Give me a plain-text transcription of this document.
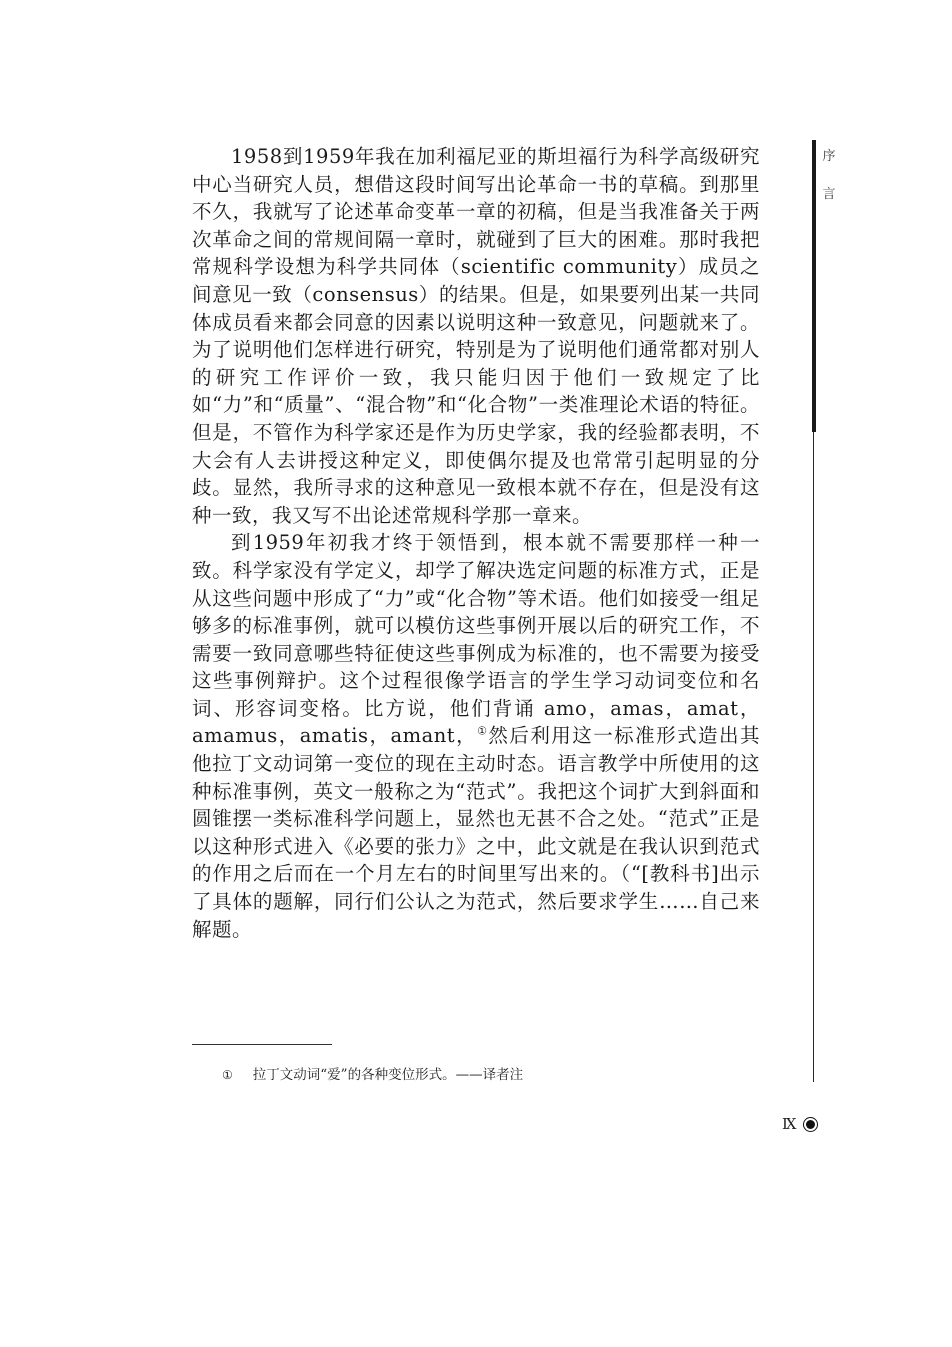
序
言

1958到1959年我在加利福尼亚的斯坦福行为科学高级研究中心当研究人员，想借这段时间写出论革命一书的草稿。到那里不久，我就写了论述革命变革一章的初稿，但是当我准备关于两次革命之间的常规间隔一章时，就碰到了巨大的困难。那时我把常规科学设想为科学共同体（scientific community）成员之间意见一致（consensus）的结果。但是，如果要列出某一共同体成员看来都会同意的因素以说明这种一致意见，问题就来了。为了说明他们怎样进行研究，特别是为了说明他们通常都对别人的研究工作评价一致，我只能归因于他们一致规定了比如“力”和“质量”、“混合物”和“化合物”一类准理论术语的特征。但是，不管作为科学家还是作为历史学家，我的经验都表明，不大会有人去讲授这种定义，即使偶尔提及也常常引起明显的分歧。显然，我所寻求的这种意见一致根本就不存在，但是没有这种一致，我又写不出论述常规科学那一章来。

到1959年初我才终于领悟到，根本就不需要那样一种一致。科学家没有学定义，却学了解决选定问题的标准方式，正是从这些问题中形成了“力”或“化合物”等术语。他们如接受一组足够多的标准事例，就可以模仿这些事例开展以后的研究工作，不需要一致同意哪些特征使这些事例成为标准的，也不需要为接受这些事例辩护。这个过程很像学语言的学生学习动词变位和名词、形容词变格。比方说，他们背诵 amo，amas，amat，amamus，amatis，amant，①然后利用这一标准形式造出其他拉丁文动词第一变位的现在主动时态。语言教学中所使用的这种标准事例，英文一般称之为“范式”。我把这个词扩大到斜面和圆锥摆一类标准科学问题上，显然也无甚不合之处。“范式”正是以这种形式进入《必要的张力》之中，此文就是在我认识到范式的作用之后而在一个月左右的时间里写出来的。（“[教科书]出示了具体的题解，同行们公认之为范式，然后要求学生……自己来解题。

① 拉丁文动词“爱”的各种变位形式。——译者注
Ⅸ
